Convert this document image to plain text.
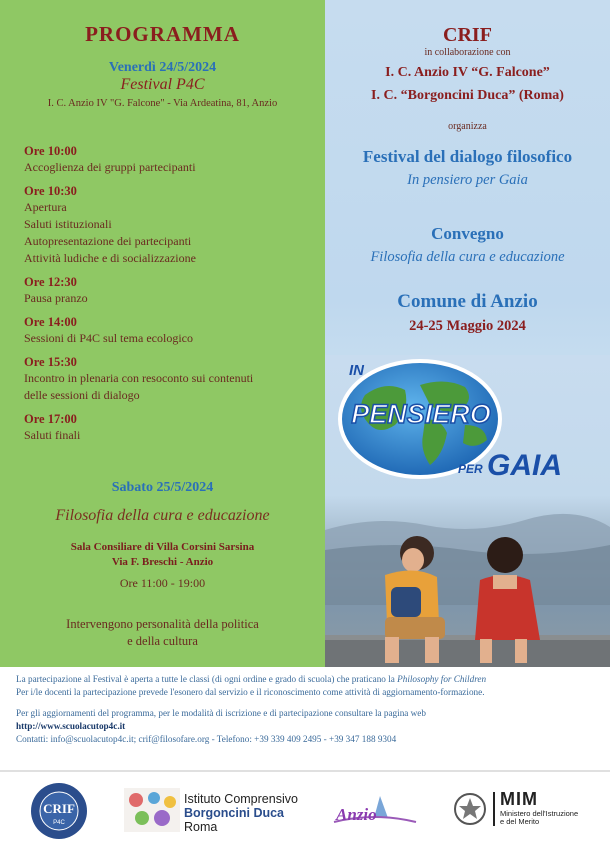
PROGRAMMA
Venerdì 24/5/2024
Festival P4C
I. C. Anzio IV "G. Falcone" - Via Ardeatina, 81, Anzio
Ore 10:00
Accoglienza dei gruppi partecipanti
Ore 10:30
Apertura
Saluti istituzionali
Autopresentazione dei partecipanti
Attività ludiche e di socializzazione
Ore 12:30
Pausa pranzo
Ore 14:00
Sessioni di P4C sul tema ecologico
Ore 15:30
Incontro in plenaria con resoconto sui contenuti
delle sessioni di dialogo
Ore 17:00
Saluti finali
Sabato 25/5/2024
Filosofia della cura e educazione
Sala Consiliare di Villa Corsini Sarsina
Via F. Breschi - Anzio
Ore 11:00 - 19:00
Intervengono personalità della politica
e della cultura
CRIF
in collaborazione con
I. C. Anzio IV “G. Falcone”
I. C. “Borgoncini Duca” (Roma)
organizza
Festival del dialogo filosofico
In pensiero per Gaia
Convegno
Filosofia della cura e educazione
Comune di Anzio
24-25 Maggio 2024
IN
PENSIERO
PER GAIA
La partecipazione al Festival è aperta a tutte le classi (di ogni ordine e grado di scuola) che praticano la Philosophy for Children
Per i/le docenti la partecipazione prevede l'esonero dal servizio e il riconoscimento come attività di aggiornamento-formazione.
Per gli aggiornamenti del programma, per le modalità di iscrizione e di partecipazione consultare la pagina web
http://www.scuolacutop4c.it
Contatti: info@scuolacutop4c.it; crif@filosofare.org - Telefono: +39 339 409 2495 - +39 347 188 9304
CRIF
P4C
Istituto Comprensivo
Borgoncini Duca
Roma
Anzio
MIM
Ministero dell'Istruzione
e del Merito
